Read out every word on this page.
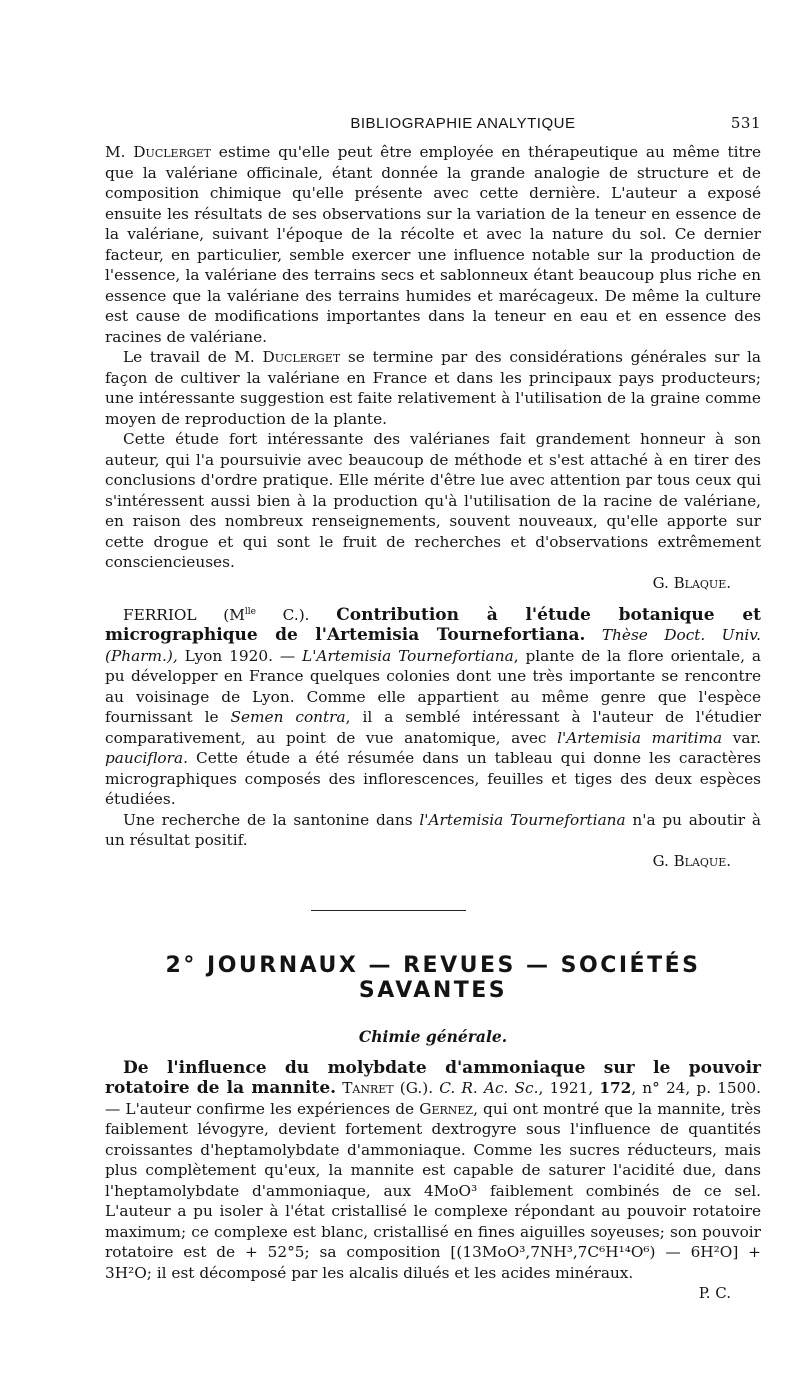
BIBLIOGRAPHIE ANALYTIQUE	531

M. Duclerget estime qu'elle peut être employée en thérapeutique au même titre que la valériane officinale, étant donnée la grande analogie de structure et de composition chimique qu'elle présente avec cette dernière. L'auteur a exposé ensuite les résultats de ses observations sur la variation de la teneur en essence de la valériane, suivant l'époque de la récolte et avec la nature du sol. Ce dernier facteur, en particulier, semble exercer une influence notable sur la production de l'essence, la valériane des terrains secs et sablonneux étant beaucoup plus riche en essence que la valériane des terrains humides et marécageux. De même la culture est cause de modifications importantes dans la teneur en eau et en essence des racines de valériane.

Le travail de M. Duclerget se termine par des considérations générales sur la façon de cultiver la valériane en France et dans les principaux pays producteurs; une intéressante suggestion est faite relativement à l'utilisation de la graine comme moyen de reproduction de la plante.

Cette étude fort intéressante des valérianes fait grandement honneur à son auteur, qui l'a poursuivie avec beaucoup de méthode et s'est attaché à en tirer des conclusions d'ordre pratique. Elle mérite d'être lue avec attention par tous ceux qui s'intéressent aussi bien à la production qu'à l'utilisation de la racine de valériane, en raison des nombreux renseignements, souvent nouveaux, qu'elle apporte sur cette drogue et qui sont le fruit de recherches et d'observations extrêmement consciencieuses.

G. Blaque.

FERRIOL ($M^{lle}$ C.). Contribution à l'étude botanique et micrographique de l'Artemisia Tournefortiana. Thèse Doct. Univ. (Pharm.), Lyon 1920. — L'Artemisia Tournefortiana, plante de la flore orientale, a pu développer en France quelques colonies dont une très importante se rencontre au voisinage de Lyon. Comme elle appartient au même genre que l'espèce fournissant le Semen contra, il a semblé intéressant à l'auteur de l'étudier comparativement, au point de vue anatomique, avec l'Artemisia maritima var. pauciflora. Cette étude a été résumée dans un tableau qui donne les caractères micrographiques composés des inflorescences, feuilles et tiges des deux espèces étudiées.

Une recherche de la santonine dans l'Artemisia Tournefortiana n'a pu aboutir à un résultat positif.

G. Blaque.
2° JOURNAUX — REVUES — SOCIÉTÉS SAVANTES
Chimie générale.

De l'influence du molybdate d'ammoniaque sur le pouvoir rotatoire de la mannite. Tanret (G.). C. R. Ac. Sc., 1921, 172, n° 24, p. 1500. — L'auteur confirme les expériences de Gernez, qui ont montré que la mannite, très faiblement lévogyre, devient fortement dextrogyre sous l'influence de quantités croissantes d'heptamolybdate d'ammoniaque. Comme les sucres réducteurs, mais plus complètement qu'eux, la mannite est capable de saturer l'acidité due, dans l'heptamolybdate d'ammoniaque, aux 4MoO³ faiblement combinés de ce sel. L'auteur a pu isoler à l'état cristallisé le complexe répondant au pouvoir rotatoire maximum; ce complexe est blanc, cristallisé en fines aiguilles soyeuses; son pouvoir rotatoire est de + 52°5; sa composition [(13MoO³,7NH³,7C⁶H¹⁴O⁶) — 6H²O] + 3H²O; il est décomposé par les alcalis dilués et les acides minéraux.

P. C.
